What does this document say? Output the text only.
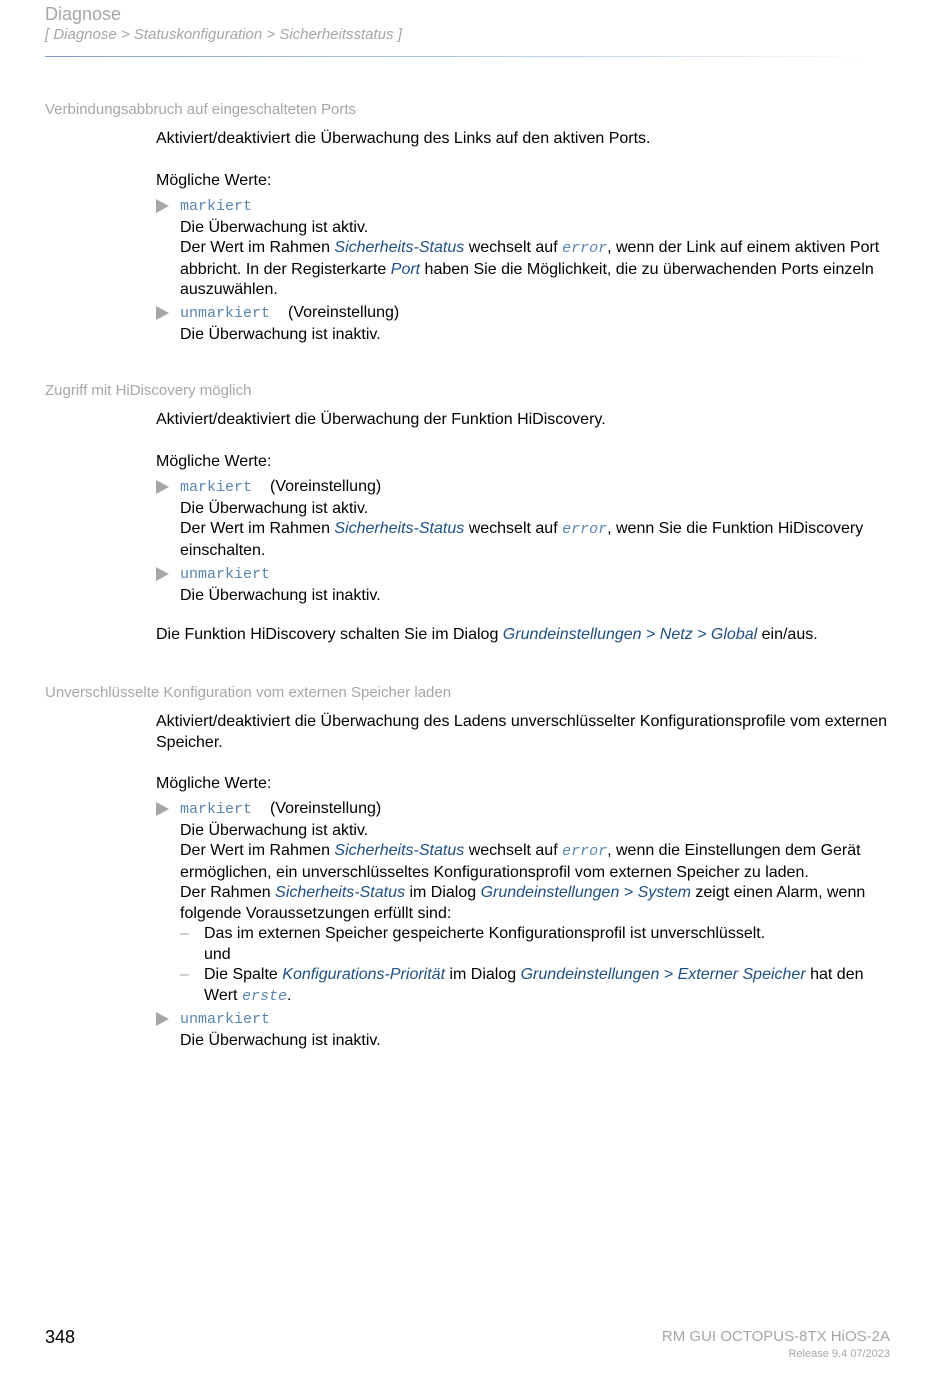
Diagnose
[ Diagnose > Statuskonfiguration > Sicherheitsstatus ]
Verbindungsabbruch auf eingeschalteten Ports
Aktiviert/deaktiviert die Überwachung des Links auf den aktiven Ports.
Mögliche Werte:
markiert
Die Überwachung ist aktiv.
Der Wert im Rahmen Sicherheits-Status wechselt auf error, wenn der Link auf einem aktiven Port abbricht. In der Registerkarte Port haben Sie die Möglichkeit, die zu überwachenden Ports einzeln auszuwählen.
unmarkiert (Voreinstellung)
Die Überwachung ist inaktiv.
Zugriff mit HiDiscovery möglich
Aktiviert/deaktiviert die Überwachung der Funktion HiDiscovery.
Mögliche Werte:
markiert (Voreinstellung)
Die Überwachung ist aktiv.
Der Wert im Rahmen Sicherheits-Status wechselt auf error, wenn Sie die Funktion HiDiscovery einschalten.
unmarkiert
Die Überwachung ist inaktiv.
Die Funktion HiDiscovery schalten Sie im Dialog Grundeinstellungen > Netz > Global ein/aus.
Unverschlüsselte Konfiguration vom externen Speicher laden
Aktiviert/deaktiviert die Überwachung des Ladens unverschlüsselter Konfigurationsprofile vom externen Speicher.
Mögliche Werte:
markiert (Voreinstellung)
Die Überwachung ist aktiv.
Der Wert im Rahmen Sicherheits-Status wechselt auf error, wenn die Einstellungen dem Gerät ermöglichen, ein unverschlüsseltes Konfigurationsprofil vom externen Speicher zu laden.
Der Rahmen Sicherheits-Status im Dialog Grundeinstellungen > System zeigt einen Alarm, wenn folgende Voraussetzungen erfüllt sind:
– Das im externen Speicher gespeicherte Konfigurationsprofil ist unverschlüsselt.
und
– Die Spalte Konfigurations-Priorität im Dialog Grundeinstellungen > Externer Speicher hat den Wert erste.
unmarkiert
Die Überwachung ist inaktiv.
348	RM GUI OCTOPUS-8TX HiOS-2A
Release 9.4 07/2023
